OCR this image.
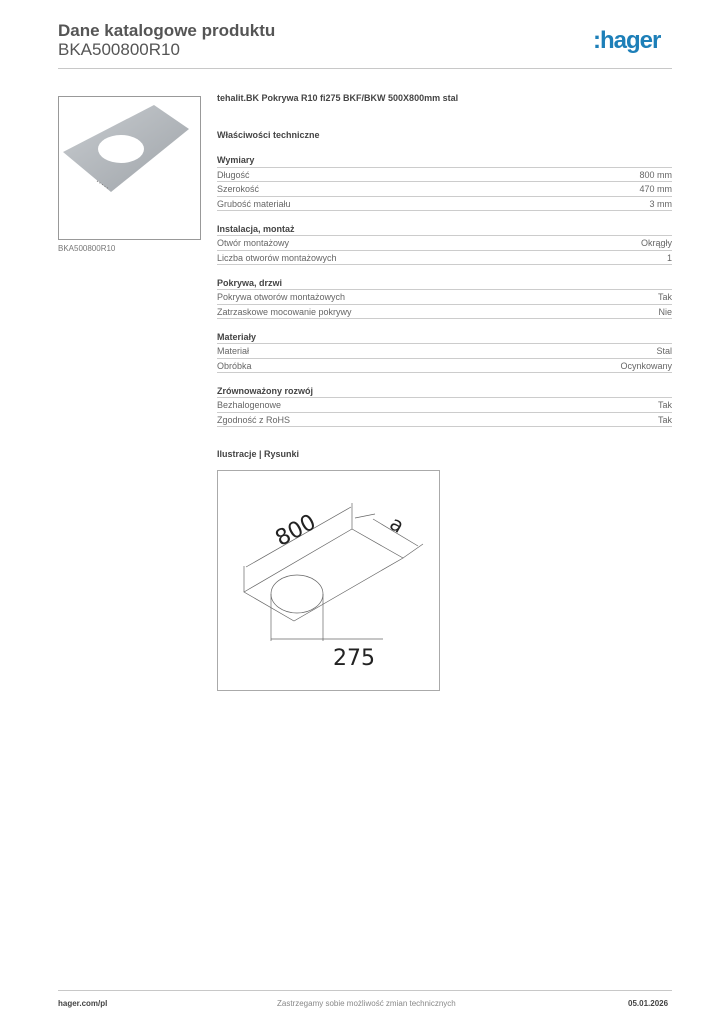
Dane katalogowe produktu
BKA500800R10	:hager
BKA500800R10
tehalit.BK Pokrywa R10 fi275 BKF/BKW 500X800mm stal
Właściwości techniczne
Wymiary
Długość	800 mm
Szerokość	470 mm
Grubość materiału	3 mm
Instalacja, montaż
Otwór montażowy	Okrągły
Liczba otworów montażowych	1
Pokrywa, drzwi
Pokrywa otworów montażowych	Tak
Zatrzaskowe mocowanie pokrywy	Nie
Materiały
Materiał	Stal
Obróbka	Ocynkowany
Zrównoważony rozwój
Bezhalogenowe	Tak
Zgodność z RoHS	Tak
Ilustracje | Rysunki
800	a
275
hager.com/pl	Zastrzegamy sobie możliwość zmian technicznych	05.01.2026
